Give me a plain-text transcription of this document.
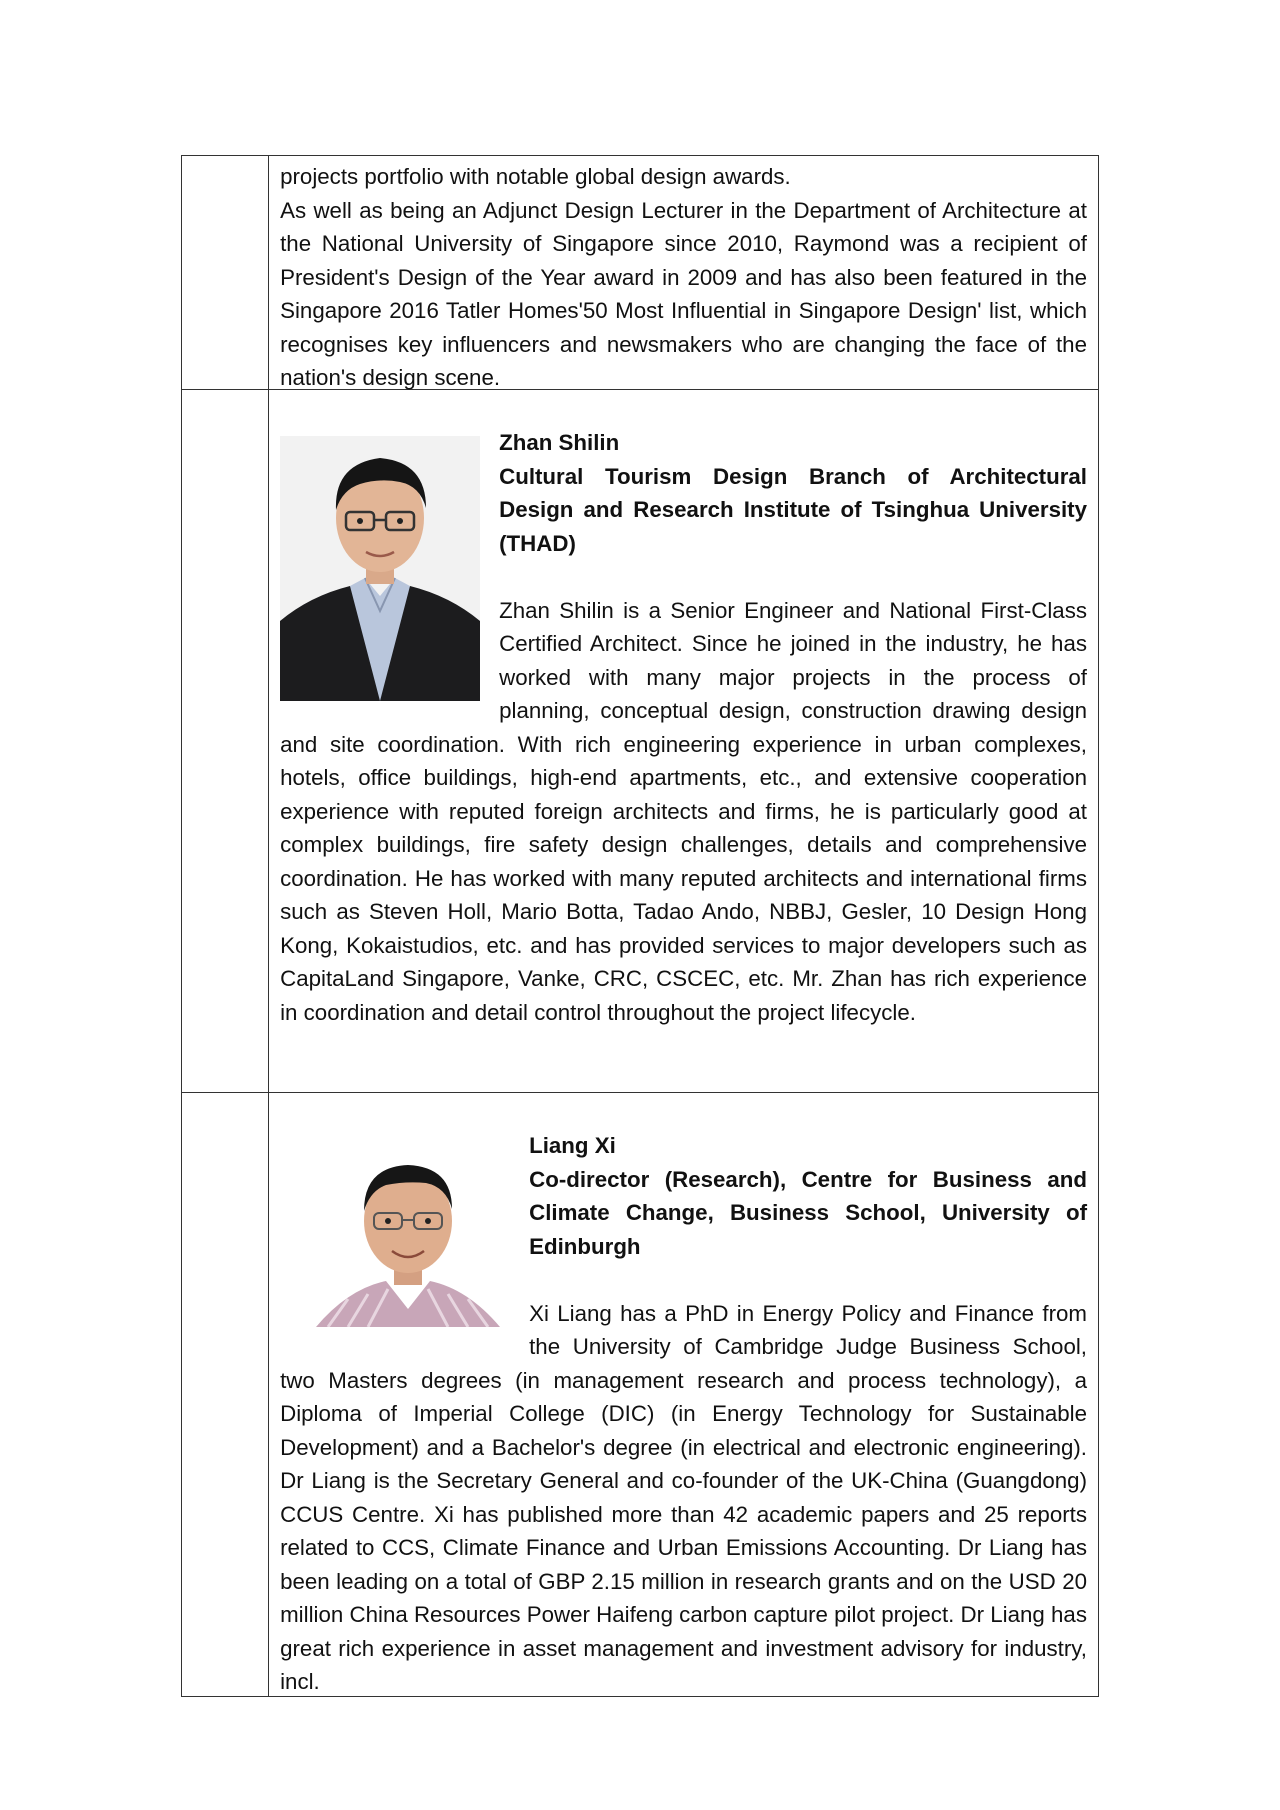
	projects portfolio with notable global design awards.

As well as being an Adjunct Design Lecturer in the Department of Architecture at the National University of Singapore since 2010, Raymond was a recipient of President's Design of the Year award in 2009 and has also been featured in the Singapore 2016 Tatler Homes'50 Most Influential in Singapore Design' list, which recognises key influencers and newsmakers who are changing the face of the nation's design scene.

	Zhan Shilin

Cultural Tourism Design Branch of Architectural Design and Research Institute of Tsinghua University (THAD)

Zhan Shilin is a Senior Engineer and National First-Class Certified Architect. Since he joined in the industry, he has worked with many major projects in the process of planning, conceptual design, construction drawing design and site coordination. With rich engineering experience in urban complexes, hotels, office buildings, high-end apartments, etc., and extensive cooperation experience with reputed foreign architects and firms, he is particularly good at complex buildings, fire safety design challenges, details and comprehensive coordination. He has worked with many reputed architects and international firms such as Steven Holl, Mario Botta, Tadao Ando, NBBJ, Gesler, 10 Design Hong Kong, Kokaistudios, etc. and has provided services to major developers such as CapitaLand Singapore, Vanke, CRC, CSCEC, etc. Mr. Zhan has rich experience in coordination and detail control throughout the project lifecycle.

	Liang Xi

Co-director (Research), Centre for Business and Climate Change, Business School, University of Edinburgh

Xi Liang has a PhD in Energy Policy and Finance from the University of Cambridge Judge Business School, two Masters degrees (in management research and process technology), a Diploma of Imperial College (DIC) (in Energy Technology for Sustainable Development) and a Bachelor's degree (in electrical and electronic engineering). Dr Liang is the Secretary General and co-founder of the UK-China (Guangdong) CCUS Centre. Xi has published more than 42 academic papers and 25 reports related to CCS, Climate Finance and Urban Emissions Accounting. Dr Liang has been leading on a total of GBP 2.15 million in research grants and on the USD 20 million China Resources Power Haifeng carbon capture pilot project. Dr Liang has great rich experience in asset management and investment advisory for industry, incl.
